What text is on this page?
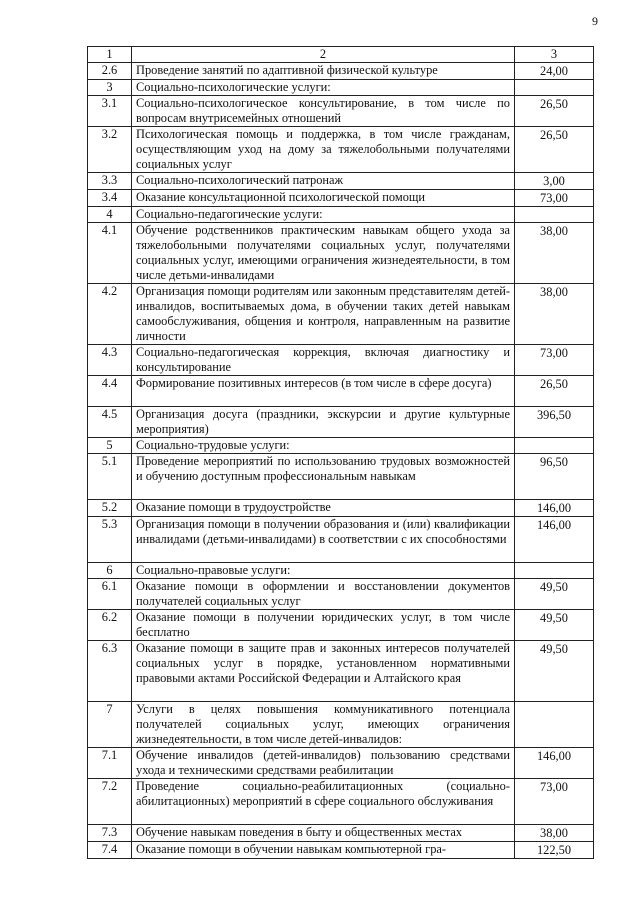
9
1	2	3
2.6	Проведение занятий по адаптивной физической культуре	24,00
3	Социально-психологические услуги:	
3.1	Социально-психологическое консультирование, в том числе по вопросам внутрисемейных отношений	26,50
3.2	Психологическая помощь и поддержка, в том числе гражданам, осуществляющим уход на дому за тяжелобольными получателями социальных услуг	26,50
3.3	Социально-психологический патронаж	3,00
3.4	Оказание консультационной психологической помощи	73,00
4	Социально-педагогические услуги:	
4.1	Обучение родственников практическим навыкам общего ухода за тяжелобольными получателями социальных услуг, получателями социальных услуг, имеющими ограничения жизнедеятельности, в том числе детьми-инвалидами	38,00
4.2	Организация помощи родителям или законным представителям детей-инвалидов, воспитываемых дома, в обучении таких детей навыкам самообслуживания, общения и контроля, направленным на развитие личности	38,00
4.3	Социально-педагогическая коррекция, включая диагностику и консультирование	73,00
4.4	Формирование позитивных интересов (в том числе в сфере досуга)	26,50
4.5	Организация досуга (праздники, экскурсии и другие культурные мероприятия)	396,50
5	Социально-трудовые услуги:	
5.1	Проведение мероприятий по использованию трудовых возможностей и обучению доступным профессиональным навыкам	96,50
5.2	Оказание помощи в трудоустройстве	146,00
5.3	Организация помощи в получении образования и (или) квалификации инвалидами (детьми-инвалидами) в соответствии с их способностями	146,00
6	Социально-правовые услуги:	
6.1	Оказание помощи в оформлении и восстановлении документов получателей социальных услуг	49,50
6.2	Оказание помощи в получении юридических услуг, в том числе бесплатно	49,50
6.3	Оказание помощи в защите прав и законных интересов получателей социальных услуг в порядке, установленном нормативными правовыми актами Российской Федерации и Алтайского края	49,50
7	Услуги в целях повышения коммуникативного потенциала получателей социальных услуг, имеющих ограничения жизнедеятельности, в том числе детей-инвалидов:	
7.1	Обучение инвалидов (детей-инвалидов) пользованию средствами ухода и техническими средствами реабилитации	146,00
7.2	Проведение социально-реабилитационных (социально-абилитационных) мероприятий в сфере социального обслуживания	73,00
7.3	Обучение навыкам поведения в быту и общественных местах	38,00
7.4	Оказание помощи в обучении навыкам компьютерной гра-	122,50
